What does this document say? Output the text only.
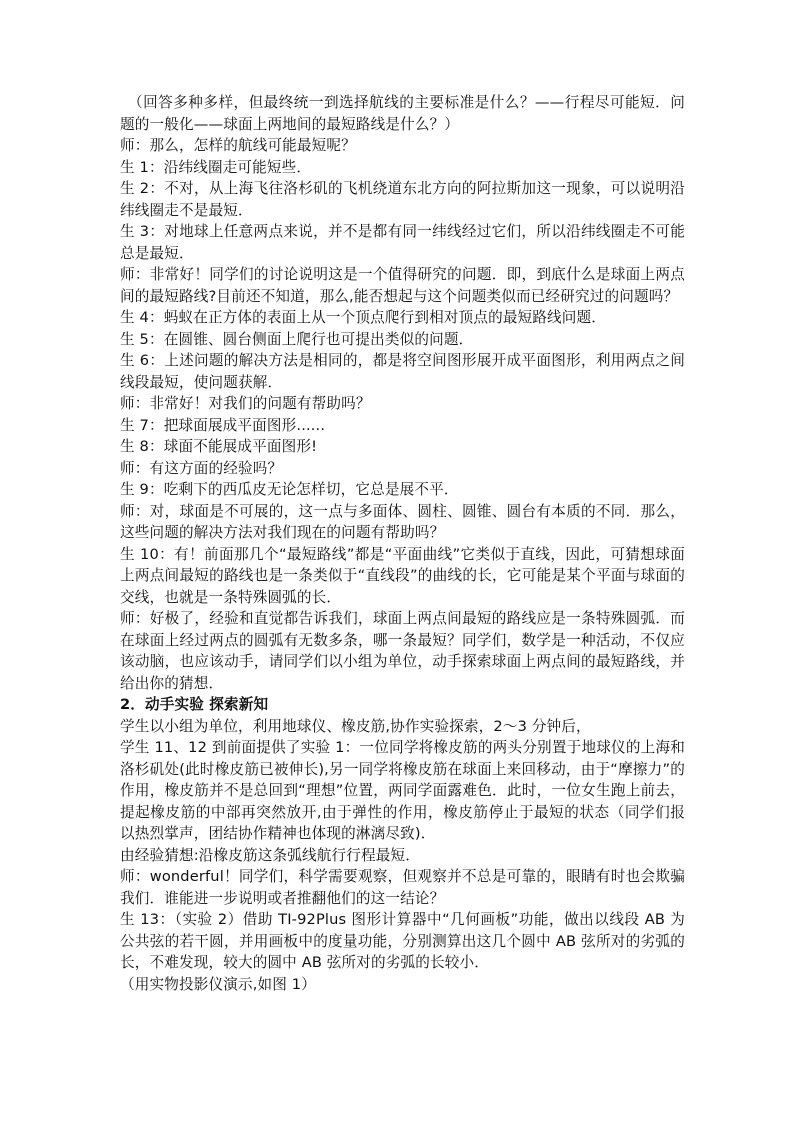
（回答多种多样，但最终统一到选择航线的主要标准是什么？——行程尽可能短．问题的一般化——球面上两地间的最短路线是什么？）

师：那么，怎样的航线可能最短呢？

生 1：沿纬线圈走可能短些．

生 2：不对，从上海飞往洛杉矶的飞机绕道东北方向的阿拉斯加这一现象，可以说明沿纬线圈走不是最短．

生 3：对地球上任意两点来说，并不是都有同一纬线经过它们，所以沿纬线圈走不可能总是最短．

师：非常好！同学们的讨论说明这是一个值得研究的问题．即，到底什么是球面上两点间的最短路线?目前还不知道，那么,能否想起与这个问题类似而已经研究过的问题吗？

生 4：蚂蚁在正方体的表面上从一个顶点爬行到相对顶点的最短路线问题．

生 5：在圆锥、圆台侧面上爬行也可提出类似的问题．

生 6：上述问题的解决方法是相同的，都是将空间图形展开成平面图形，利用两点之间线段最短，使问题获解．

师：非常好！对我们的问题有帮助吗？

生 7：把球面展成平面图形......

生 8：球面不能展成平面图形!

师：有这方面的经验吗？

生 9：吃剩下的西瓜皮无论怎样切，它总是展不平．

师：对，球面是不可展的，这一点与多面体、圆柱、圆锥、圆台有本质的不同．那么，这些问题的解决方法对我们现在的问题有帮助吗？

生 10：有！前面那几个“最短路线”都是“平面曲线”它类似于直线，因此，可猜想球面上两点间最短的路线也是一条类似于“直线段”的曲线的长，它可能是某个平面与球面的交线，也就是一条特殊圆弧的长．

师：好极了，经验和直觉都告诉我们，球面上两点间最短的路线应是一条特殊圆弧．而在球面上经过两点的圆弧有无数多条，哪一条最短？同学们，数学是一种活动，不仅应该动脑，也应该动手，请同学们以小组为单位，动手探索球面上两点间的最短路线，并给出你的猜想．

2．动手实验 探索新知

学生以小组为单位，利用地球仪、橡皮筋,协作实验探索，2～3 分钟后，

学生 11、12 到前面提供了实验 1：一位同学将橡皮筋的两头分别置于地球仪的上海和洛杉矶处(此时橡皮筋已被伸长),另一同学将橡皮筋在球面上来回移动，由于“摩擦力”的作用，橡皮筋并不是总回到“理想”位置，两同学面露难色．此时，一位女生跑上前去，提起橡皮筋的中部再突然放开,由于弹性的作用，橡皮筋停止于最短的状态（同学们报以热烈掌声，团结协作精神也体现的淋漓尽致)．

由经验猜想:沿橡皮筋这条弧线航行行程最短．

师：wonderful！同学们，科学需要观察，但观察并不总是可靠的，眼睛有时也会欺骗我们．谁能进一步说明或者推翻他们的这一结论？

生 13：（实验 2）借助 TI-92Plus 图形计算器中“几何画板”功能，做出以线段 AB 为公共弦的若干圆，并用画板中的度量功能，分别测算出这几个圆中 AB 弦所对的劣弧的长，不难发现，较大的圆中 AB 弦所对的劣弧的长较小．

（用实物投影仪演示,如图 1）
